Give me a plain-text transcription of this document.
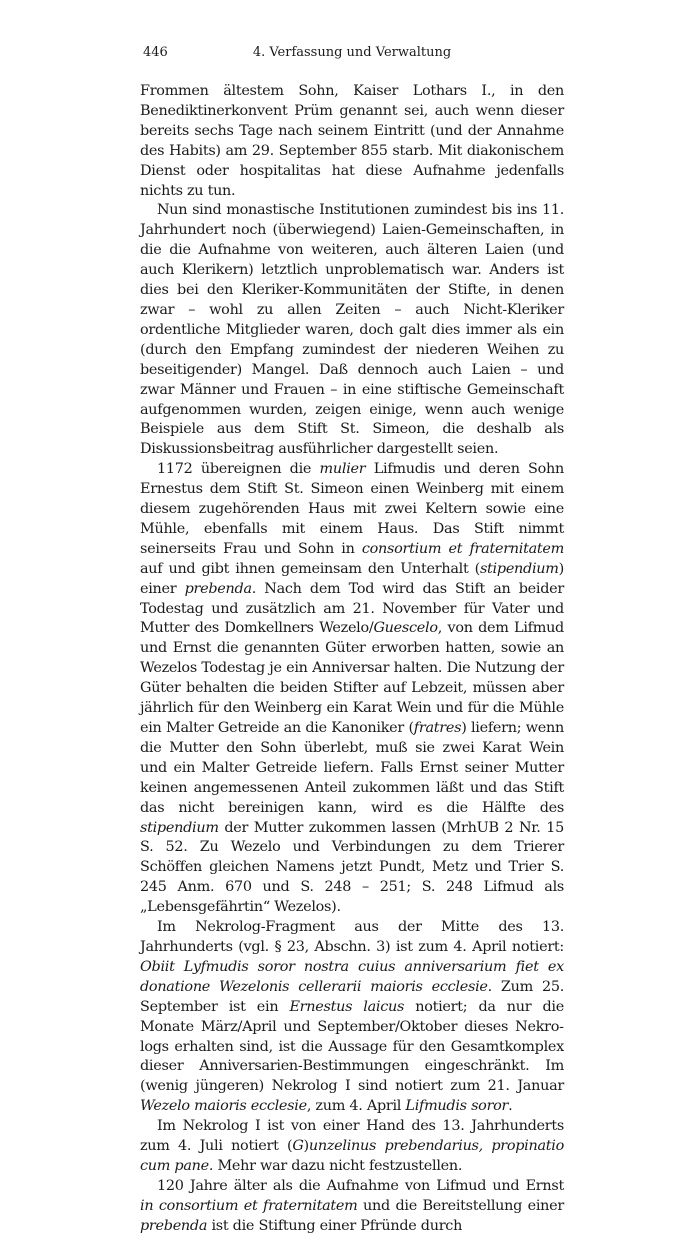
446	4. Verfassung und Verwaltung

Frommen ältestem Sohn, Kaiser Lothars I., in den Benediktinerkonvent Prüm genannt sei, auch wenn dieser bereits sechs Tage nach seinem Eintritt (und der Annahme des Habits) am 29. September 855 starb. Mit diakonischem Dienst oder hospitalitas hat diese Aufnahme jedenfalls nichts zu tun.

Nun sind monastische Institutionen zumindest bis ins 11. Jahrhundert noch (überwiegend) Laien-Gemeinschaften, in die die Aufnahme von weiteren, auch älteren Laien (und auch Klerikern) letztlich unproblematisch war. Anders ist dies bei den Kleriker-Kommunitäten der Stifte, in denen zwar – wohl zu allen Zeiten – auch Nicht-Kleriker ordentliche Mitglieder waren, doch galt dies immer als ein (durch den Empfang zumindest der niederen Weihen zu beseitigender) Mangel. Daß dennoch auch Laien – und zwar Männer und Frauen – in eine stiftische Gemeinschaft aufgenommen wurden, zeigen einige, wenn auch wenige Beispiele aus dem Stift St. Simeon, die deshalb als Diskussionsbeitrag ausführlicher dargestellt seien.

1172 übereignen die mulier Lifmudis und deren Sohn Ernestus dem Stift St. Simeon einen Weinberg mit einem diesem zugehörenden Haus mit zwei Keltern sowie eine Mühle, ebenfalls mit einem Haus. Das Stift nimmt seinerseits Frau und Sohn in consortium et fraternitatem auf und gibt ihnen gemeinsam den Unterhalt (stipendium) einer prebenda. Nach dem Tod wird das Stift an beider Todestag und zusätzlich am 21. November für Vater und Mutter des Domkellners Wezelo/Guescelo, von dem Lifmud und Ernst die genannten Güter erworben hatten, sowie an Wezelos Todestag je ein Anniversar halten. Die Nutzung der Güter behalten die beiden Stifter auf Lebzeit, müssen aber jährlich für den Weinberg ein Karat Wein und für die Mühle ein Malter Getreide an die Kanoniker (fratres) liefern; wenn die Mutter den Sohn überlebt, muß sie zwei Karat Wein und ein Malter Getreide liefern. Falls Ernst seiner Mutter keinen angemessenen Anteil zukommen läßt und das Stift das nicht bereinigen kann, wird es die Hälfte des stipendium der Mutter zukommen lassen (MrhUB 2 Nr. 15 S. 52. Zu Wezelo und Verbindungen zu dem Trierer Schöffen gleichen Namens jetzt Pundt, Metz und Trier S. 245 Anm. 670 und S. 248 – 251; S. 248 Lifmud als „Lebensgefährtin“ Wezelos).

Im Nekrolog-Fragment aus der Mitte des 13. Jahrhunderts (vgl. § 23, Abschn. 3) ist zum 4. April notiert: Obiit Lyfmudis soror nostra cuius anniversarium fiet ex donatione Wezelonis cellerarii maioris ecclesie. Zum 25. September ist ein Ernestus laicus notiert; da nur die Monate März/April und September/Oktober dieses Nekrologs erhalten sind, ist die Aussage für den Gesamtkomplex dieser Anniversarien-Bestimmungen eingeschränkt. Im (wenig jüngeren) Nekrolog I sind notiert zum 21. Januar Wezelo maioris ecclesie, zum 4. April Lifmudis soror.

Im Nekrolog I ist von einer Hand des 13. Jahrhunderts zum 4. Juli notiert (G)unzelinus prebendarius, propinatio cum pane. Mehr war dazu nicht festzustellen.

120 Jahre älter als die Aufnahme von Lifmud und Ernst in consortium et fraternitatem und die Bereitstellung einer prebenda ist die Stiftung einer Pfründe durch
